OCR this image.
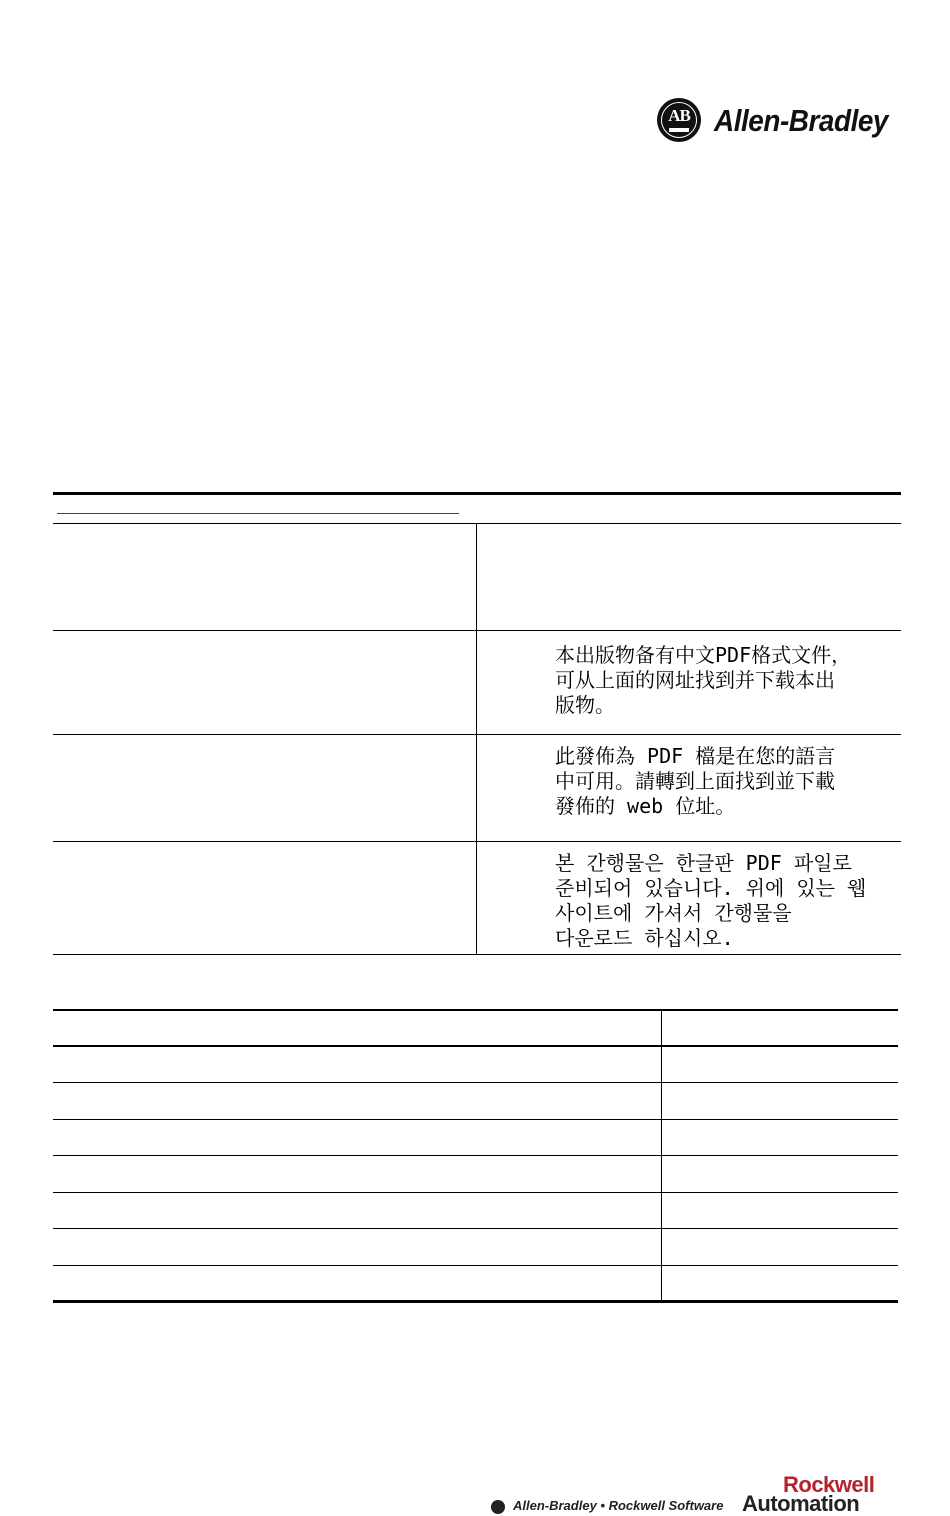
AB Allen-Bradley
本出版物备有中文PDF格式文件，
可从上面的网址找到并下载本出
版物。
此發佈為 PDF 檔是在您的語言
中可用。請轉到上面找到並下載
發佈的 web 位址。
본 간행물은 한글판 PDF 파일로
준비되어 있습니다. 위에 있는 웹
사이트에 가셔서 간행물을
다운로드 하십시오.
Allen-Bradley • Rockwell Software
Rockwell
Automation
